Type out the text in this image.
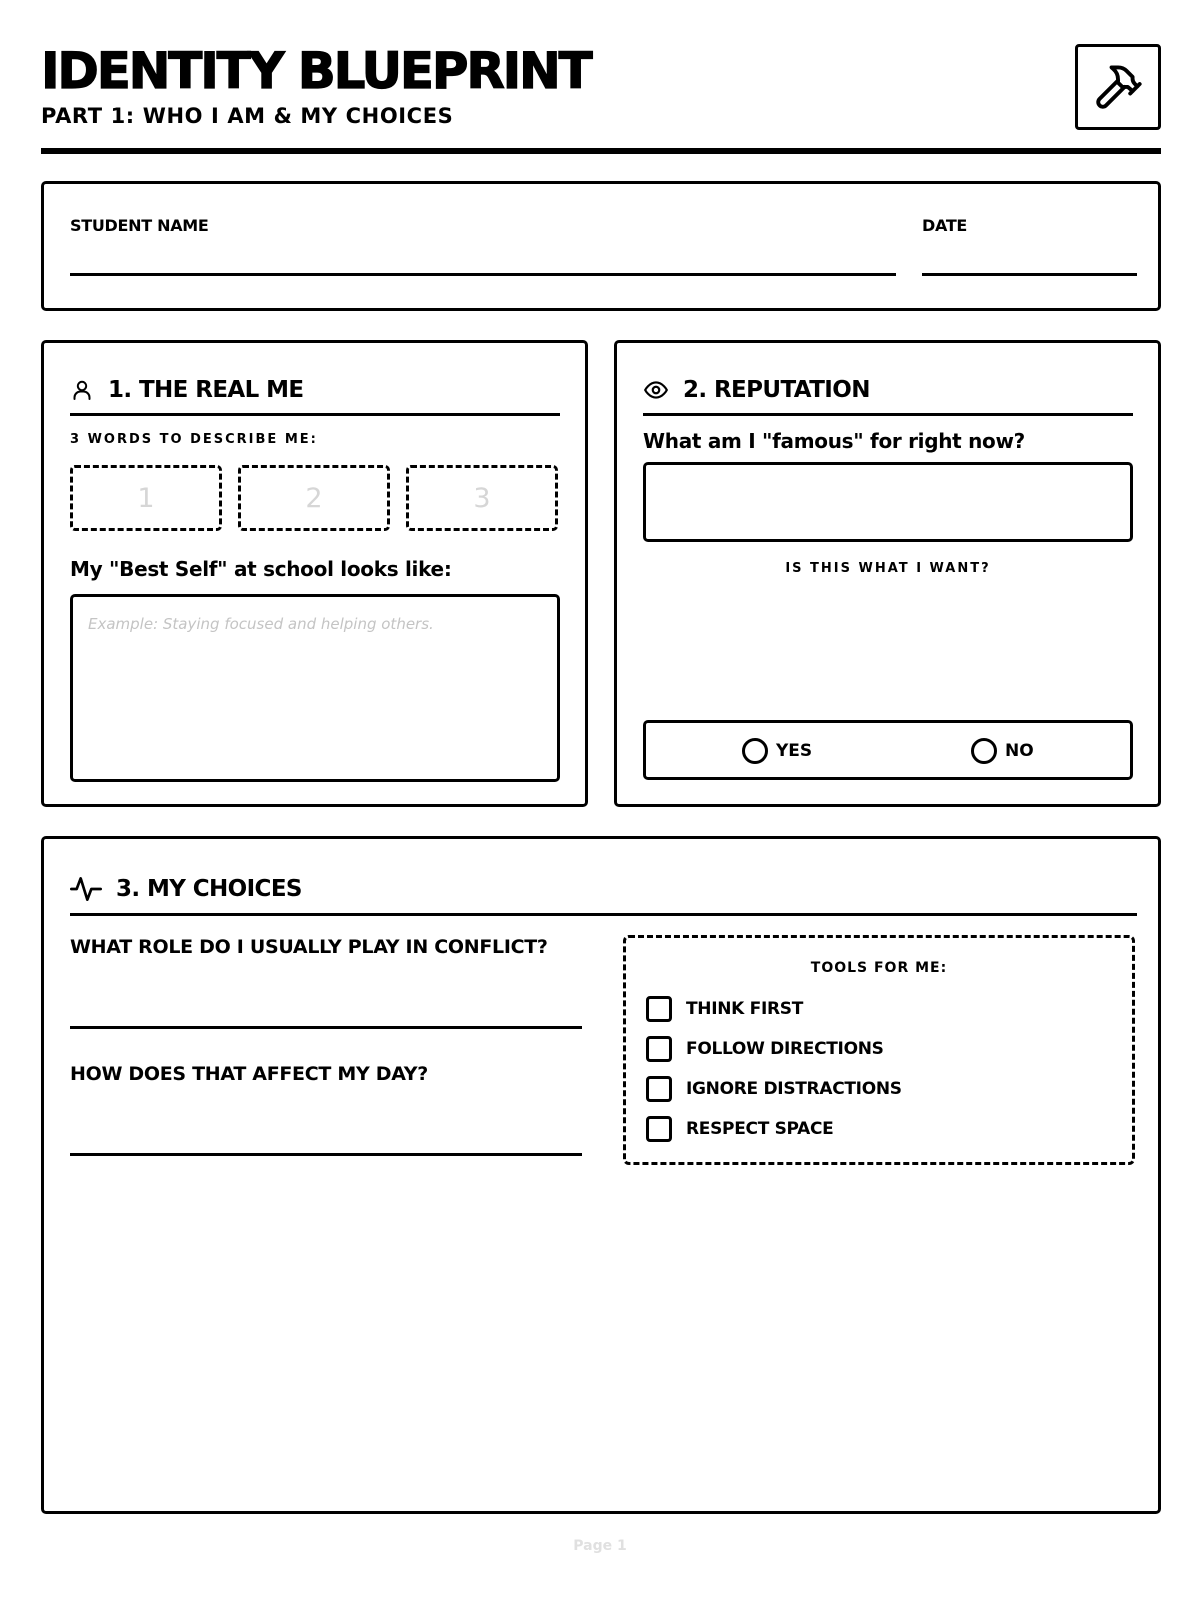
IDENTITY BLUEPRINT
PART 1: WHO I AM & MY CHOICES
STUDENT NAME	DATE
1. THE REAL ME
3 WORDS TO DESCRIBE ME:
1	2	3
My "Best Self" at school looks like:
Example: Staying focused and helping others.
2. REPUTATION
What am I "famous" for right now?
IS THIS WHAT I WANT?
YES	NO
3. MY CHOICES
WHAT ROLE DO I USUALLY PLAY IN CONFLICT?
HOW DOES THAT AFFECT MY DAY?
TOOLS FOR ME:
THINK FIRST
FOLLOW DIRECTIONS
IGNORE DISTRACTIONS
RESPECT SPACE
Page 1
